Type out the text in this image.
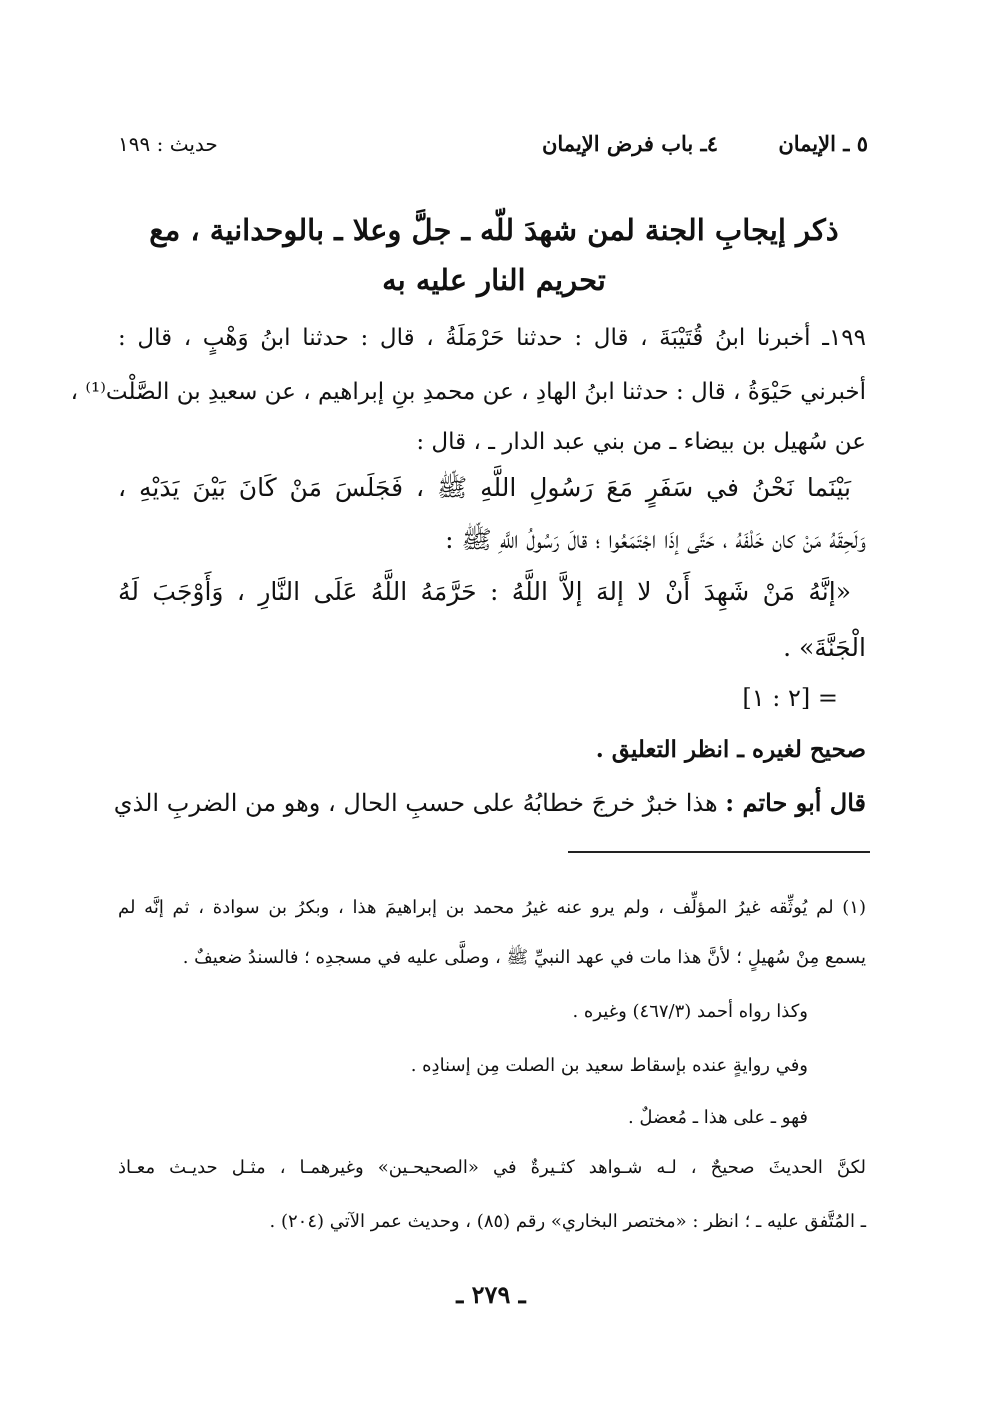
٥ ـ الإيمان
٤ـ باب فرض الإيمان
حديث : ١٩٩
ذكر إيجابِ الجنة لمن شهدَ للّه ـ جلَّ وعلا ـ بالوحدانية ، مع
تحريم النار عليه به
١٩٩ـ أخبرنا ابنُ قُتَيْبَةَ ، قال : حدثنا حَرْمَلَةُ ، قال : حدثنا ابنُ وَهْبٍ ، قال :
أخبرني حَيْوَةُ ، قال : حدثنا ابنُ الهادِ ، عن محمدِ بنِ إبراهيم ، عن سعيدِ بن الصَّلْت⁽¹⁾ ،
عن سُهيل بن بيضاء ـ من بني عبد الدار ـ ، قال :
بَيْنَما نَحْنُ في سَفَرٍ مَعَ رَسُولِ اللَّهِ ﷺ ، فَجَلَسَ مَنْ كَانَ بَيْنَ يَدَيْهِ ،
وَلَحِقَهُ مَنْ كان خَلْفَهُ ، حَتَّى إذَا اجْتَمَعُوا ؛ قالَ رَسُولُ اللَّهِ ﷺ :
«إنَّهُ مَنْ شَهِدَ أَنْ لا إلهَ إلاَّ اللَّهُ : حَرَّمَهُ اللَّهُ عَلَى النَّارِ ، وَأَوْجَبَ لَهُ
الْجَنَّةَ» .
[٢ : ١] =
صحيح لغيره ـ انظر التعليق .
قال أبو حاتم : هذا خبرٌ خرجَ خطابُهُ على حسبِ الحال ، وهو من الضربِ الذي
(١) لم يُوثِّقه غيرُ المؤلِّف ، ولم يرو عنه غيرُ محمد بن إبراهيمَ هذا ، وبكرُ بن سوادة ، ثم إنَّه لم
يسمع مِنْ سُهيلٍ ؛ لأنَّ هذا مات في عهد النبيِّ ﷺ ، وصلَّى عليه في مسجدِه ؛ فالسندُ ضعيفٌ .
وكذا رواه أحمد (٤٦٧/٣) وغيره .
وفي روايةٍ عنده بإسقاط سعيد بن الصلت مِن إسنادِه .
فهو ـ على هذا ـ مُعضلٌ .
لكنَّ الحديثَ صحيحٌ ، لـه شـواهد كثـيرةٌ في «الصحيحـين» وغيرهمـا ، مثـل حديـث معـاذ
ـ المُتَّفق عليه ـ ؛ انظر : «مختصر البخاري» رقم (٨٥) ، وحديث عمر الآتي (٢٠٤) .
ـ ٢٧٩ ـ
